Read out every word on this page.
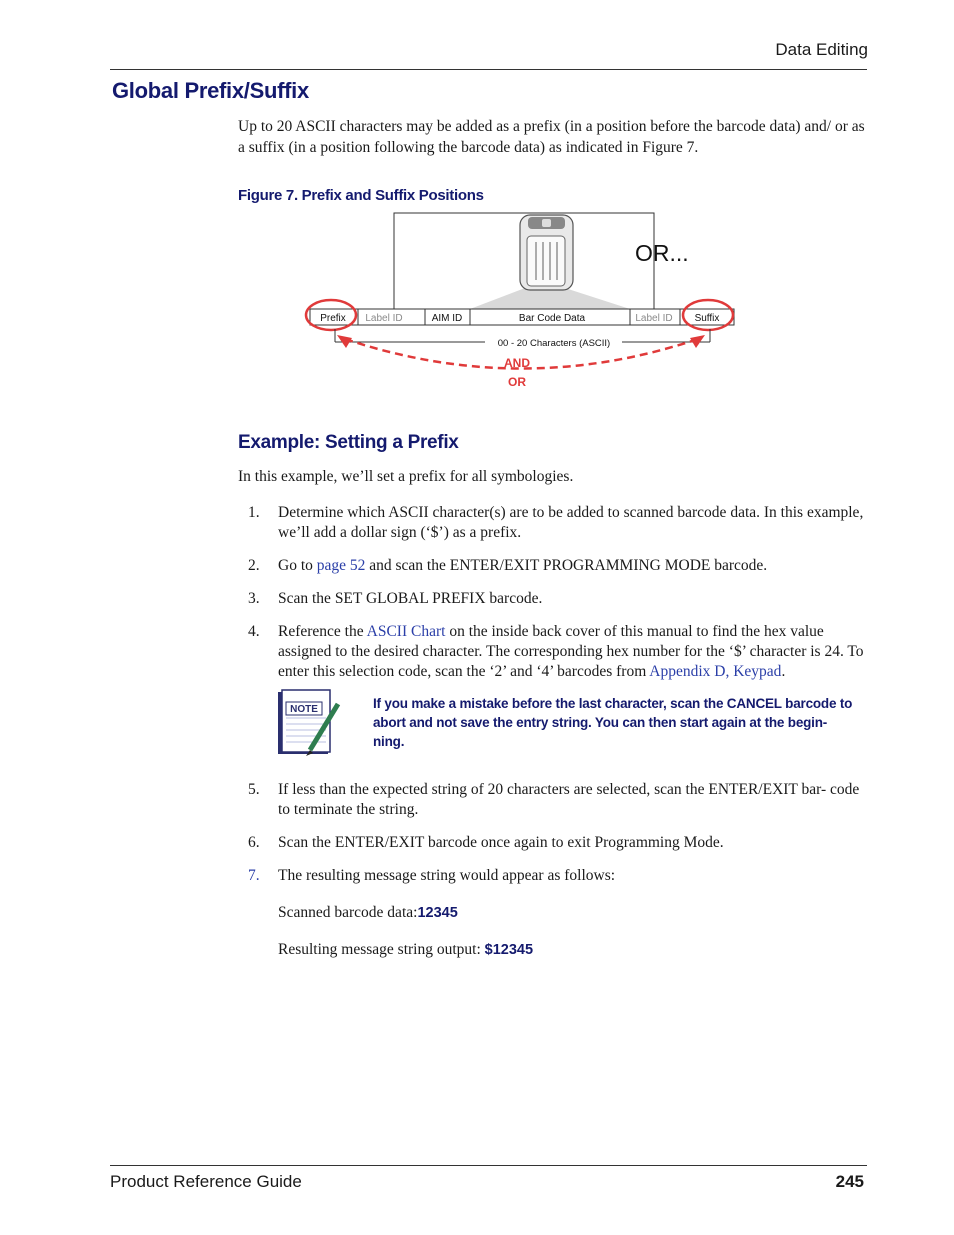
Data Editing
Global Prefix/Suffix
Up to 20 ASCII characters may be added as a prefix (in a position before the barcode data) and/ or as a suffix (in a position following the barcode data) as indicated in Figure 7.
Figure 7. Prefix and Suffix Positions
OR...
Prefix Label ID	AIM ID	Bar Code Data	Label ID Suffix
00 - 20 Characters (ASCII)
AND
OR
Example: Setting a Prefix
In this example, we’ll set a prefix for all symbologies.
1.	Determine which ASCII character(s) are to be added to scanned barcode data. In this example, we’ll add a dollar sign (‘$’) as a prefix.
2.	Go to page 52 and scan the ENTER/EXIT PROGRAMMING MODE barcode.
3.	Scan the SET GLOBAL PREFIX barcode.
4.	Reference the ASCII Chart on the inside back cover of this manual to find the hex value assigned to the desired character. The corresponding hex number for the ‘$’ character is 24. To enter this selection code, scan the ‘2’ and ‘4’ barcodes from Appendix D, Keypad.
NOTE	If you make a mistake before the last character, scan the CANCEL barcode to abort and not save the entry string. You can then start again at the begin- ning.
5.	If less than the expected string of 20 characters are selected, scan the ENTER/EXIT bar- code to terminate the string.
6.	Scan the ENTER/EXIT barcode once again to exit Programming Mode.
7.	The resulting message string would appear as follows:
Scanned barcode data:12345
Resulting message string output: $12345
Product Reference Guide	245
